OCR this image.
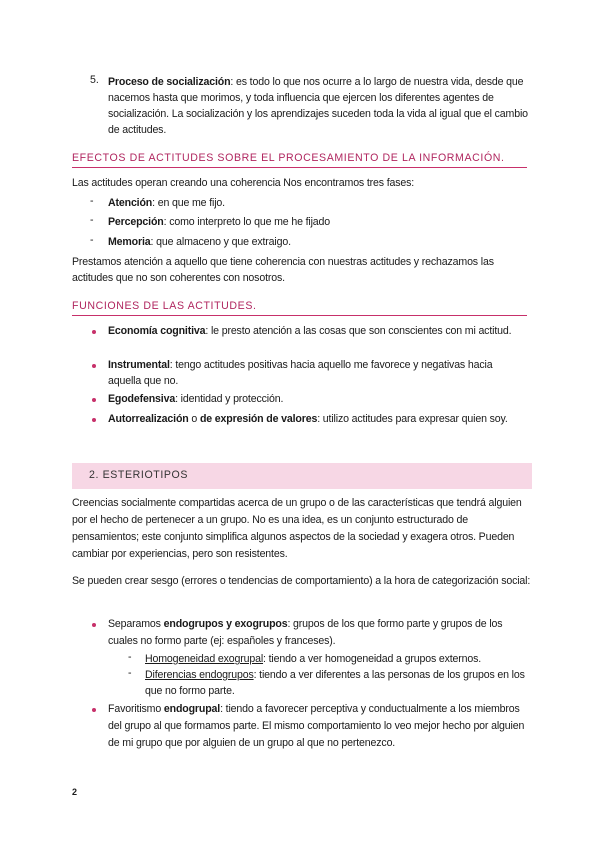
5. Proceso de socialización: es todo lo que nos ocurre a lo largo de nuestra vida, desde que nacemos hasta que morimos, y toda influencia que ejercen los diferentes agentes de socialización. La socialización y los aprendizajes suceden toda la vida al igual que el cambio de actitudes.
EFECTOS DE ACTITUDES SOBRE EL PROCESAMIENTO DE LA INFORMACIÓN.
Las actitudes operan creando una coherencia Nos encontramos tres fases:
- Atención: en que me fijo.
- Percepción: como interpreto lo que me he fijado
- Memoria: que almaceno y que extraigo.
Prestamos atención a aquello que tiene coherencia con nuestras actitudes y rechazamos las actitudes que no son coherentes con nosotros.
FUNCIONES DE LAS ACTITUDES.
Economía cognitiva: le presto atención a las cosas que son conscientes con mi actitud.
Instrumental: tengo actitudes positivas hacia aquello me favorece y negativas hacia aquella que no.
Egodefensiva: identidad y protección.
Autorrealización o de expresión de valores: utilizo actitudes para expresar quien soy.
2. ESTERIOTIPOS
Creencias socialmente compartidas acerca de un grupo o de las características que tendrá alguien por el hecho de pertenecer a un grupo. No es una idea, es un conjunto estructurado de pensamientos; este conjunto simplifica algunos aspectos de la sociedad y exagera otros. Pueden cambiar por experiencias, pero son resistentes.
Se pueden crear sesgo (errores o tendencias de comportamiento) a la hora de categorización social:
Separamos endogrupos y exogrupos: grupos de los que formo parte y grupos de los cuales no formo parte (ej: españoles y franceses).
- Homogeneidad exogrupal: tiendo a ver homogeneidad a grupos externos.
- Diferencias endogrupos: tiendo a ver diferentes a las personas de los grupos en los que no formo parte.
Favoritismo endogrupal: tiendo a favorecer perceptiva y conductualmente a los miembros del grupo al que formamos parte. El mismo comportamiento lo veo mejor hecho por alguien de mi grupo que por alguien de un grupo al que no pertenezco.
2
